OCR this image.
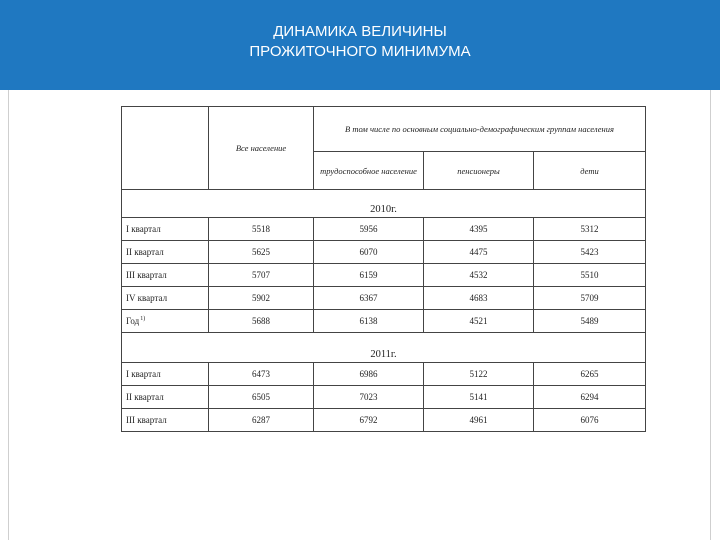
ДИНАМИКА ВЕЛИЧИНЫ
ПРОЖИТОЧНОГО МИНИМУМА
	Все население	В том числе по основным социально-демографическим группам населения		
		трудоспособное население	пенсионеры	дети
2010г.				
I квартал	5518	5956	4395	5312
II квартал	5625	6070	4475	5423
III квартал	5707	6159	4532	5510
IV квартал	5902	6367	4683	5709
Год$^{1)}$	5688	6138	4521	5489
2011г.				
I квартал	6473	6986	5122	6265
II квартал	6505	7023	5141	6294
III квартал	6287	6792	4961	6076
